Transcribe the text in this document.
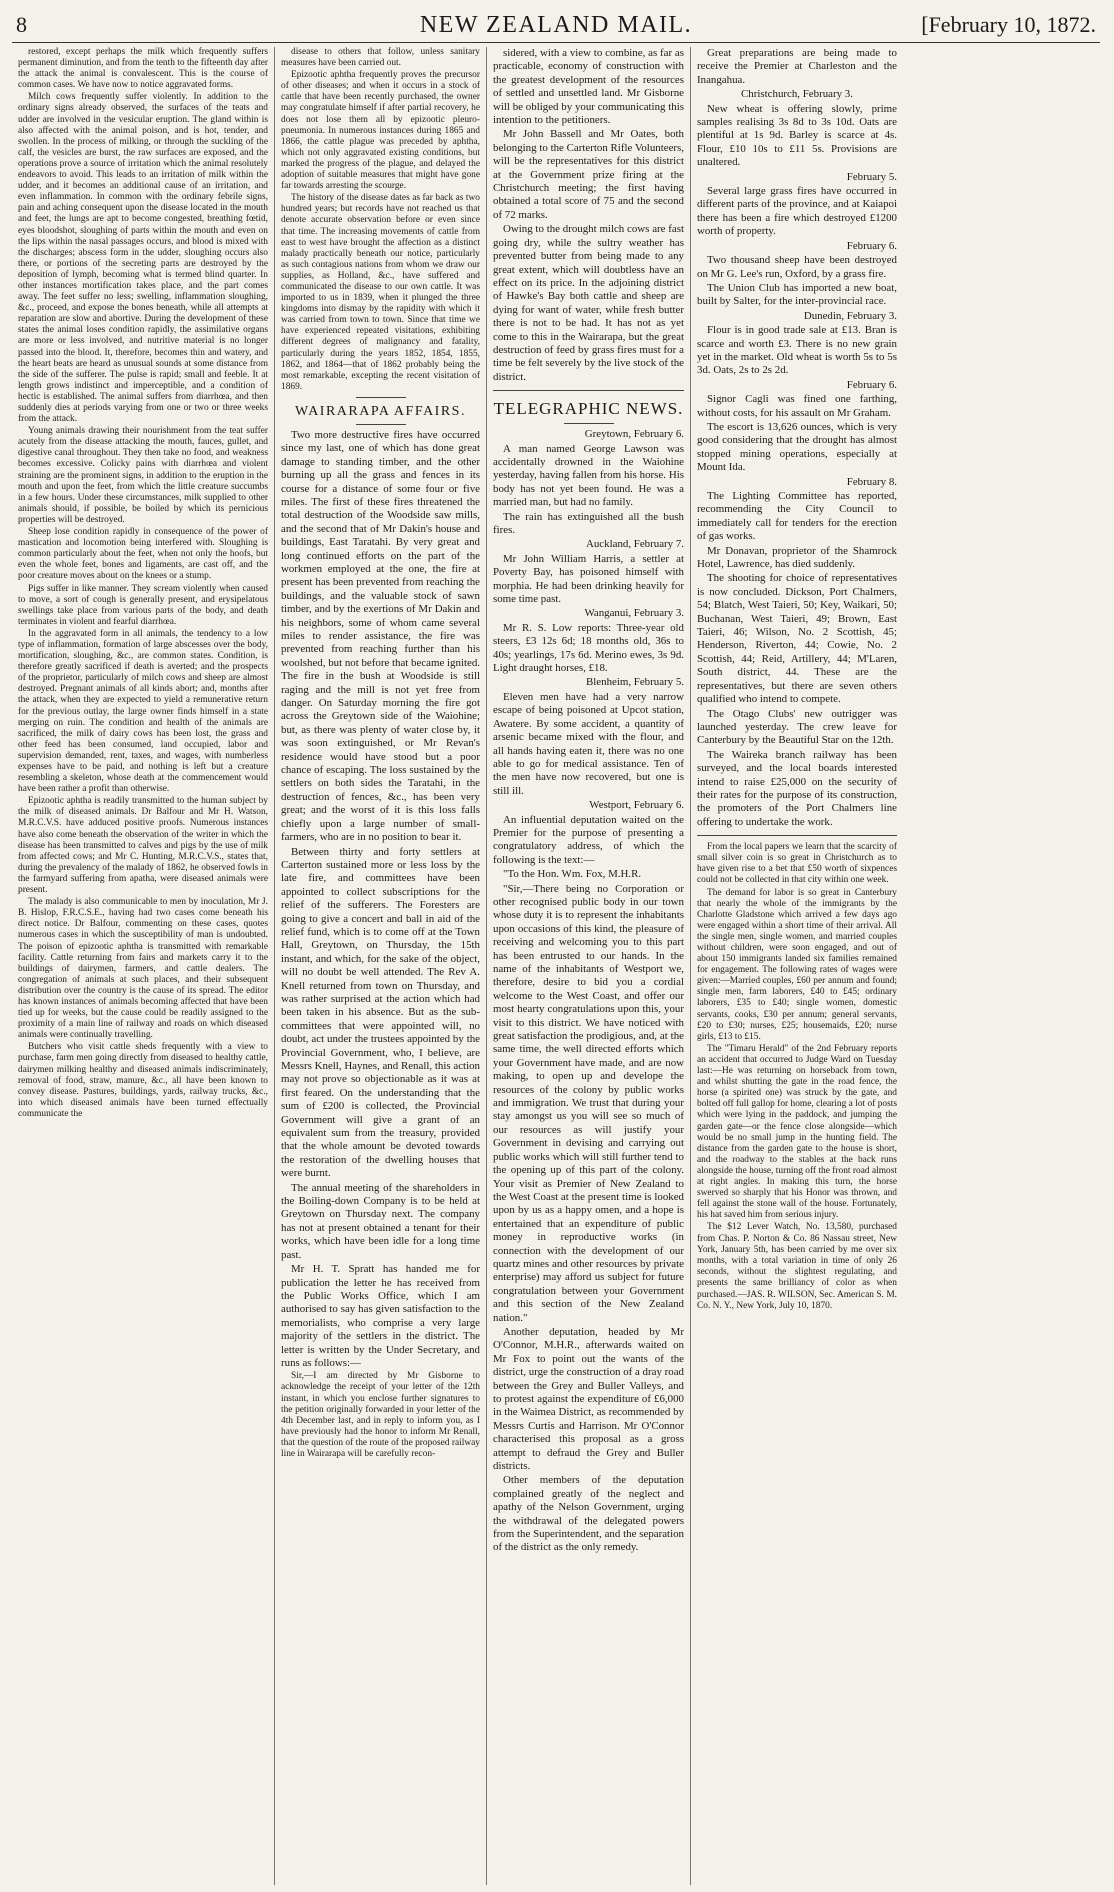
8	NEW ZEALAND MAIL.	[February 10, 1872.

restored, except perhaps the milk which frequently suffers permanent diminution, and from the tenth to the fifteenth day after the attack the animal is convalescent. This is the course of common cases. We have now to notice aggravated forms.

Milch cows frequently suffer violently. In addition to the ordinary signs already observed, the surfaces of the teats and udder are involved in the vesicular eruption. The gland within is also affected with the animal poison, and is hot, tender, and swollen. In the process of milking, or through the suckling of the calf, the vesicles are burst, the raw surfaces are exposed, and the operations prove a source of irritation which the animal resolutely endeavors to avoid. This leads to an irritation of milk within the udder, and it becomes an additional cause of an irritation, and even inflammation. In common with the ordinary febrile signs, pain and aching consequent upon the disease located in the mouth and feet, the lungs are apt to become congested, breathing fœtid, eyes bloodshot, sloughing of parts within the mouth and even on the lips within the nasal passages occurs, and blood is mixed with the discharges; abscess form in the udder, sloughing occurs also there, or portions of the secreting parts are destroyed by the deposition of lymph, becoming what is termed blind quarter. In other instances mortification takes place, and the part comes away. The feet suffer no less; swelling, inflammation sloughing, &c., proceed, and expose the bones beneath, while all attempts at reparation are slow and abortive. During the development of these states the animal loses condition rapidly, the assimilative organs are more or less involved, and nutritive material is no longer passed into the blood. It, therefore, becomes thin and watery, and the heart beats are heard as unusual sounds at some distance from the side of the sufferer. The pulse is rapid; small and feeble. It at length grows indistinct and imperceptible, and a condition of hectic is established. The animal suffers from diarrhœa, and then suddenly dies at periods varying from one or two or three weeks from the attack.

Young animals drawing their nourishment from the teat suffer acutely from the disease attacking the mouth, fauces, gullet, and digestive canal throughout. They then take no food, and weakness becomes excessive. Colicky pains with diarrhœa and violent straining are the prominent signs, in addition to the eruption in the mouth and upon the feet, from which the little creature succumbs in a few hours. Under these circumstances, milk supplied to other animals should, if possible, be boiled by which its pernicious properties will be destroyed.

Sheep lose condition rapidly in consequence of the power of mastication and locomotion being interfered with. Sloughing is common particularly about the feet, when not only the hoofs, but even the whole feet, bones and ligaments, are cast off, and the poor creature moves about on the knees or a stump.

Pigs suffer in like manner. They scream violently when caused to move, a sort of cough is generally present, and erysipelatous swellings take place from various parts of the body, and death terminates in violent and fearful diarrhœa.

In the aggravated form in all animals, the tendency to a low type of inflammation, formation of large abscesses over the body, mortification, sloughing, &c., are common states. Condition, is therefore greatly sacrificed if death is averted; and the prospects of the proprietor, particularly of milch cows and sheep are almost destroyed. Pregnant animals of all kinds abort; and, months after the attack, when they are expected to yield a remunerative return for the previous outlay, the large owner finds himself in a state merging on ruin. The condition and health of the animals are sacrificed, the milk of dairy cows has been lost, the grass and other feed has been consumed, land occupied, labor and supervision demanded, rent, taxes, and wages, with numberless expenses have to be paid, and nothing is left but a creature resembling a skeleton, whose death at the commencement would have been rather a profit than otherwise.

Epizootic aphtha is readily transmitted to the human subject by the milk of diseased animals. Dr Balfour and Mr H. Watson, M.R.C.V.S. have adduced positive proofs. Numerous instances have also come beneath the observation of the writer in which the disease has been transmitted to calves and pigs by the use of milk from affected cows; and Mr C. Hunting, M.R.C.V.S., states that, during the prevalency of the malady of 1862, he observed fowls in the farmyard suffering from apatha, were diseased animals were present.

The malady is also communicable to men by inoculation, Mr J. B. Hislop, F.R.C.S.E., having had two cases come beneath his direct notice. Dr Balfour, commenting on these cases, quotes numerous cases in which the susceptibility of man is undoubted. The poison of epizootic aphtha is transmitted with remarkable facility. Cattle returning from fairs and markets carry it to the buildings of dairymen, farmers, and cattle dealers. The congregation of animals at such places, and their subsequent distribution over the country is the cause of its spread. The editor has known instances of animals becoming affected that have been tied up for weeks, but the cause could be readily assigned to the proximity of a main line of railway and roads on which diseased animals were continually travelling.

Butchers who visit cattle sheds frequently with a view to purchase, farm men going directly from diseased to healthy cattle, dairymen milking healthy and diseased animals indiscriminately, removal of food, straw, manure, &c., all have been known to convey disease. Pastures, buildings, yards, railway trucks, &c., into which diseased animals have been turned effectually communicate the

disease to others that follow, unless sanitary measures have been carried out.

Epizootic aphtha frequently proves the precursor of other diseases; and when it occurs in a stock of cattle that have been recently purchased, the owner may congratulate himself if after partial recovery, he does not lose them all by epizootic pleuro-pneumonia. In numerous instances during 1865 and 1866, the cattle plague was preceded by aphtha, which not only aggravated existing conditions, but marked the progress of the plague, and delayed the adoption of suitable measures that might have gone far towards arresting the scourge.

The history of the disease dates as far back as two hundred years; but records have not reached us that denote accurate observation before or even since that time. The increasing movements of cattle from east to west have brought the affection as a distinct malady practically beneath our notice, particularly as such contagious nations from whom we draw our supplies, as Holland, &c., have suffered and communicated the disease to our own cattle. It was imported to us in 1839, when it plunged the three kingdoms into dismay by the rapidity with which it was carried from town to town. Since that time we have experienced repeated visitations, exhibiting different degrees of malignancy and fatality, particularly during the years 1852, 1854, 1855, 1862, and 1864—that of 1862 probably being the most remarkable, excepting the recent visitation of 1869.

WAIRARAPA AFFAIRS.

Two more destructive fires have occurred since my last, one of which has done great damage to standing timber, and the other burning up all the grass and fences in its course for a distance of some four or five miles. The first of these fires threatened the total destruction of the Woodside saw mills, and the second that of Mr Dakin's house and buildings, East Taratahi. By very great and long continued efforts on the part of the workmen employed at the one, the fire at present has been prevented from reaching the buildings, and the valuable stock of sawn timber, and by the exertions of Mr Dakin and his neighbors, some of whom came several miles to render assistance, the fire was prevented from reaching further than his woolshed, but not before that became ignited. The fire in the bush at Woodside is still raging and the mill is not yet free from danger. On Saturday morning the fire got across the Greytown side of the Waiohine; but, as there was plenty of water close by, it was soon extinguished, or Mr Revan's residence would have stood but a poor chance of escaping. The loss sustained by the settlers on both sides the Taratahi, in the destruction of fences, &c., has been very great; and the worst of it is this loss falls chiefly upon a large number of small-farmers, who are in no position to bear it.

Between thirty and forty settlers at Carterton sustained more or less loss by the late fire, and committees have been appointed to collect subscriptions for the relief of the sufferers. The Foresters are going to give a concert and ball in aid of the relief fund, which is to come off at the Town Hall, Greytown, on Thursday, the 15th instant, and which, for the sake of the object, will no doubt be well attended. The Rev A. Knell returned from town on Thursday, and was rather surprised at the action which had been taken in his absence. But as the sub-committees that were appointed will, no doubt, act under the trustees appointed by the Provincial Government, who, I believe, are Messrs Knell, Haynes, and Renall, this action may not prove so objectionable as it was at first feared. On the understanding that the sum of £200 is collected, the Provincial Government will give a grant of an equivalent sum from the treasury, provided that the whole amount be devoted towards the restoration of the dwelling houses that were burnt.

The annual meeting of the shareholders in the Boiling-down Company is to be held at Greytown on Thursday next. The company has not at present obtained a tenant for their works, which have been idle for a long time past.

Mr H. T. Spratt has handed me for publication the letter he has received from the Public Works Office, which I am authorised to say has given satisfaction to the memorialists, who comprise a very large majority of the settlers in the district. The letter is written by the Under Secretary, and runs as follows:—

Sir,—I am directed by Mr Gisborne to acknowledge the receipt of your letter of the 12th instant, in which you enclose further signatures to the petition originally forwarded in your letter of the 4th December last, and in reply to inform you, as I have previously had the honor to inform Mr Renall, that the question of the route of the proposed railway line in Wairarapa will be carefully recon-

sidered, with a view to combine, as far as practicable, economy of construction with the greatest development of the resources of settled and unsettled land. Mr Gisborne will be obliged by your communicating this intention to the petitioners.

Mr John Bassell and Mr Oates, both belonging to the Carterton Rifle Volunteers, will be the representatives for this district at the Government prize firing at the Christchurch meeting; the first having obtained a total score of 75 and the second of 72 marks.

Owing to the drought milch cows are fast going dry, while the sultry weather has prevented butter from being made to any great extent, which will doubtless have an effect on its price. In the adjoining district of Hawke's Bay both cattle and sheep are dying for want of water, while fresh butter there is not to be had. It has not as yet come to this in the Wairarapa, but the great destruction of feed by grass fires must for a time be felt severely by the live stock of the district.

TELEGRAPHIC NEWS.
Greytown, February 6.

A man named George Lawson was accidentally drowned in the Waiohine yesterday, having fallen from his horse. His body has not yet been found. He was a married man, but had no family.

The rain has extinguished all the bush fires.

Auckland, February 7.

Mr John William Harris, a settler at Poverty Bay, has poisoned himself with morphia. He had been drinking heavily for some time past.

Wanganui, February 3.

Mr R. S. Low reports: Three-year old steers, £3 12s 6d; 18 months old, 36s to 40s; yearlings, 17s 6d. Merino ewes, 3s 9d. Light draught horses, £18.

Blenheim, February 5.

Eleven men have had a very narrow escape of being poisoned at Upcot station, Awatere. By some accident, a quantity of arsenic became mixed with the flour, and all hands having eaten it, there was no one able to go for medical assistance. Ten of the men have now recovered, but one is still ill.

Westport, February 6.

An influential deputation waited on the Premier for the purpose of presenting a congratulatory address, of which the following is the text:—

"To the Hon. Wm. Fox, M.H.R.

"Sir,—There being no Corporation or other recognised public body in our town whose duty it is to represent the inhabitants upon occasions of this kind, the pleasure of receiving and welcoming you to this part has been entrusted to our hands. In the name of the inhabitants of Westport we, therefore, desire to bid you a cordial welcome to the West Coast, and offer our most hearty congratulations upon this, your visit to this district. We have noticed with great satisfaction the prodigious, and, at the same time, the well directed efforts which your Government have made, and are now making, to open up and develope the resources of the colony by public works and immigration. We trust that during your stay amongst us you will see so much of our resources as will justify your Government in devising and carrying out public works which will still further tend to the opening up of this part of the colony. Your visit as Premier of New Zealand to the West Coast at the present time is looked upon by us as a happy omen, and a hope is entertained that an expenditure of public money in reproductive works (in connection with the development of our quartz mines and other resources by private enterprise) may afford us subject for future congratulation between your Government and this section of the New Zealand nation."

Another deputation, headed by Mr O'Connor, M.H.R., afterwards waited on Mr Fox to point out the wants of the district, urge the construction of a dray road between the Grey and Buller Valleys, and to protest against the expenditure of £6,000 in the Waimea District, as recommended by Messrs Curtis and Harrison. Mr O'Connor characterised this proposal as a gross attempt to defraud the Grey and Buller districts.

Other members of the deputation complained greatly of the neglect and apathy of the Nelson Government, urging the withdrawal of the delegated powers from the Superintendent, and the separation of the district as the only remedy.

Great preparations are being made to receive the Premier at Charleston and the Inangahua.

Christchurch, February 3.

New wheat is offering slowly, prime samples realising 3s 8d to 3s 10d. Oats are plentiful at 1s 9d. Barley is scarce at 4s. Flour, £10 10s to £11 5s. Provisions are unaltered.

February 5.

Several large grass fires have occurred in different parts of the province, and at Kaiapoi there has been a fire which destroyed £1200 worth of property.

February 6.

Two thousand sheep have been destroyed on Mr G. Lee's run, Oxford, by a grass fire.

The Union Club has imported a new boat, built by Salter, for the inter-provincial race.

Dunedin, February 3.

Flour is in good trade sale at £13. Bran is scarce and worth £3. There is no new grain yet in the market. Old wheat is worth 5s to 5s 3d. Oats, 2s to 2s 2d.

February 6.

Signor Cagli was fined one farthing, without costs, for his assault on Mr Graham.

The escort is 13,626 ounces, which is very good considering that the drought has almost stopped mining operations, especially at Mount Ida.

February 8.

The Lighting Committee has reported, recommending the City Council to immediately call for tenders for the erection of gas works.

Mr Donavan, proprietor of the Shamrock Hotel, Lawrence, has died suddenly.

The shooting for choice of representatives is now concluded. Dickson, Port Chalmers, 54; Blatch, West Taieri, 50; Key, Waikari, 50; Buchanan, West Taieri, 49; Brown, East Taieri, 46; Wilson, No. 2 Scottish, 45; Henderson, Riverton, 44; Cowie, No. 2 Scottish, 44; Reid, Artillery, 44; M'Laren, South district, 44. These are the representatives, but there are seven others qualified who intend to compete.

The Otago Clubs' new outrigger was launched yesterday. The crew leave for Canterbury by the Beautiful Star on the 12th.

The Waireka branch railway has been surveyed, and the local boards interested intend to raise £25,000 on the security of their rates for the purpose of its construction, the promoters of the Port Chalmers line offering to undertake the work.

From the local papers we learn that the scarcity of small silver coin is so great in Christchurch as to have given rise to a bet that £50 worth of sixpences could not be collected in that city within one week.

The demand for labor is so great in Canterbury that nearly the whole of the immigrants by the Charlotte Gladstone which arrived a few days ago were engaged within a short time of their arrival. All the single men, single women, and married couples without children, were soon engaged, and out of about 150 immigrants landed six families remained for engagement. The following rates of wages were given:—Married couples, £60 per annum and found; single men, farm laborers, £40 to £45; ordinary laborers, £35 to £40; single women, domestic servants, cooks, £30 per annum; general servants, £20 to £30; nurses, £25; housemaids, £20; nurse girls, £13 to £15.

The "Timaru Herald" of the 2nd February reports an accident that occurred to Judge Ward on Tuesday last:—He was returning on horseback from town, and whilst shutting the gate in the road fence, the horse (a spirited one) was struck by the gate, and bolted off full gallop for home, clearing a lot of posts which were lying in the paddock, and jumping the garden gate—or the fence close alongside—which would be no small jump in the hunting field. The distance from the garden gate to the house is short, and the roadway to the stables at the back runs alongside the house, turning off the front road almost at right angles. In making this turn, the horse swerved so sharply that his Honor was thrown, and fell against the stone wall of the house. Fortunately, his hat saved him from serious injury.

The $12 Lever Watch, No. 13,580, purchased from Chas. P. Norton & Co. 86 Nassau street, New York, January 5th, has been carried by me over six months, with a total variation in time of only 26 seconds, without the slightest regulating, and presents the same brilliancy of color as when purchased.—JAS. R. WILSON, Sec. American S. M. Co. N. Y., New York, July 10, 1870.
